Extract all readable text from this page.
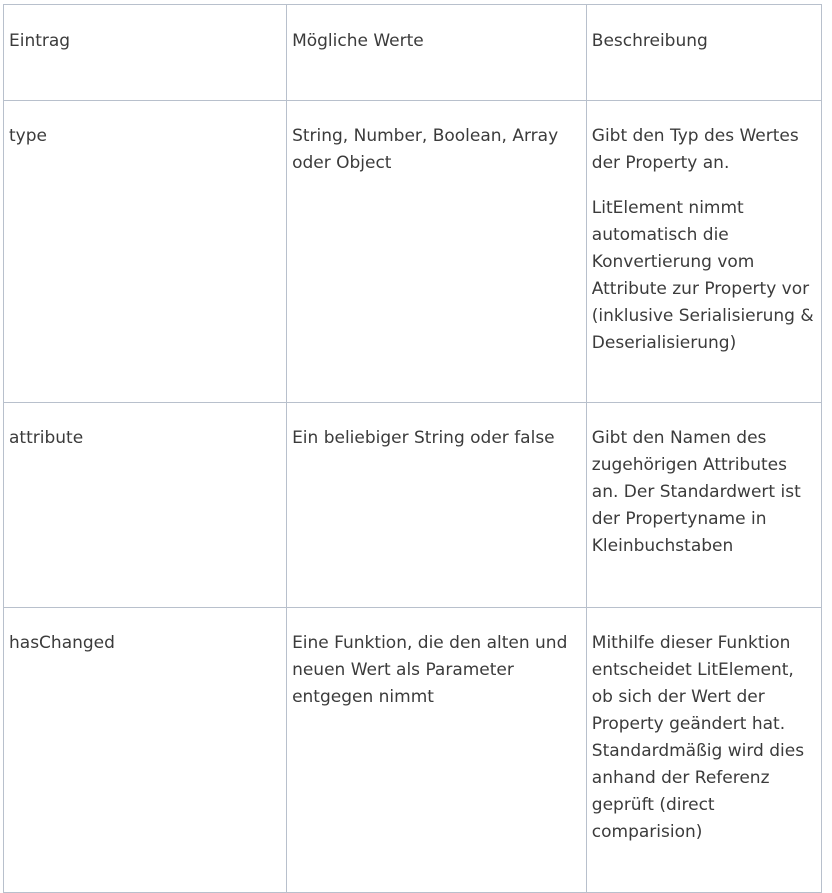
Eintrag	Mögliche Werte	Beschreibung
type	String, Number, Boolean, Array oder Object	Gibt den Typ des Wertes der Property an.

LitElement nimmt automatisch die Konvertierung vom Attribute zur Property vor (inklusive Serialisierung & Deserialisierung)

attribute	Ein beliebiger String oder false	Gibt den Namen des zugehörigen Attributes an. Der Standardwert ist der Propertyname in Kleinbuchstaben

hasChanged	Eine Funktion, die den alten und neuen Wert als Parameter entgegen nimmt	Mithilfe dieser Funktion entscheidet LitElement, ob sich der Wert der Property geändert hat. Standardmäßig wird dies anhand der Referenz geprüft (direct comparision)
